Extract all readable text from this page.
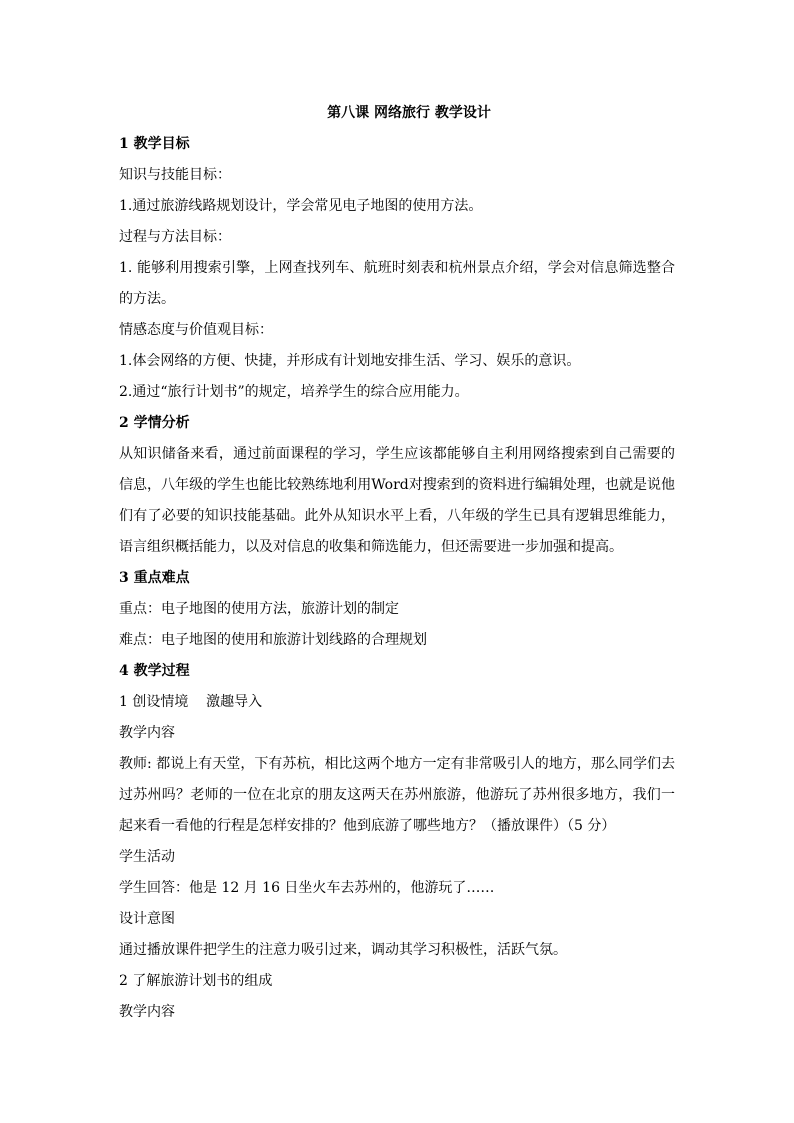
第八课 网络旅行 教学设计

1 教学目标

知识与技能目标：

1.通过旅游线路规划设计，学会常见电子地图的使用方法。

过程与方法目标：

1. 能够利用搜索引擎，上网查找列车、航班时刻表和杭州景点介绍，学会对信息筛选整合的方法。

情感态度与价值观目标：

1.体会网络的方便、快捷，并形成有计划地安排生活、学习、娱乐的意识。

2.通过“旅行计划书”的规定，培养学生的综合应用能力。

2 学情分析

从知识储备来看，通过前面课程的学习，学生应该都能够自主利用网络搜索到自己需要的信息，八年级的学生也能比较熟练地利用Word对搜索到的资料进行编辑处理，也就是说他们有了必要的知识技能基础。此外从知识水平上看，八年级的学生已具有逻辑思维能力，语言组织概括能力，以及对信息的收集和筛选能力，但还需要进一步加强和提高。

3 重点难点

重点：电子地图的使用方法，旅游计划的制定

难点：电子地图的使用和旅游计划线路的合理规划

4 教学过程

1 创设情境    激趣导入

教学内容

教师: 都说上有天堂，下有苏杭，相比这两个地方一定有非常吸引人的地方，那么同学们去过苏州吗？老师的一位在北京的朋友这两天在苏州旅游，他游玩了苏州很多地方，我们一起来看一看他的行程是怎样安排的？他到底游了哪些地方？（播放课件）（5 分）

学生活动

学生回答：他是 12 月 16 日坐火车去苏州的，他游玩了……

设计意图

通过播放课件把学生的注意力吸引过来，调动其学习积极性，活跃气氛。

2 了解旅游计划书的组成

教学内容
